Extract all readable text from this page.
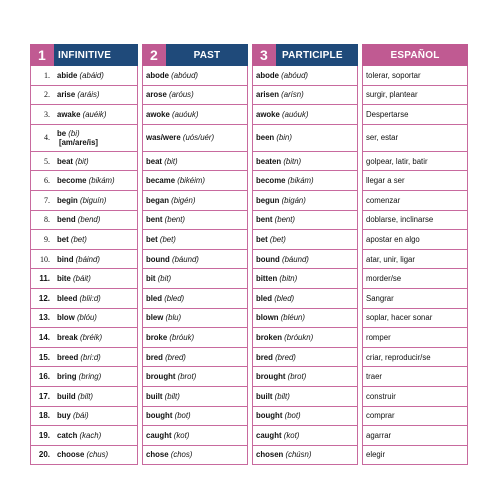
1	INFINITIVE		2 PAST		3 PARTICIPLE		ESPAÑOL
1.	abide (abáid)		abode (abóud)		abode (abóud)		tolerar, soportar
2.	arise (aráis)		arose (aróus)		arisen (arísn)		surgir, plantear
3.	awake (auéik)		awoke (auóuk)		awoke (auóuk)		Despertarse
4.	be (bi)
[am/are/is]		was/were (uós/uér)		been (bin)		ser, estar
5.	beat (bit)		beat (bit)		beaten (bitn)		golpear, latir, batir
6.	become (bikám)		became (bikéim)		become (bikám)		llegar a ser
7.	begin (biguín)		began (bigén)		begun (bigán)		comenzar
8.	bend (bend)		bent (bent)		bent (bent)		doblarse, inclinarse
9.	bet (bet)		bet (bet)		bet (bet)		apostar en algo
10.	bind (báind)		bound (báund)		bound (báund)		atar, unir, ligar
11.	bite (báit)		bit (bit)		bitten (bitn)		morder/se
12.	bleed (blii:d)		bled (bled)		bled (bled)		Sangrar
13.	blow (blóu)		blew (blu)		blown (bléun)		soplar, hacer sonar
14.	break (bréik)		broke (bróuk)		broken (bróukn)		romper
15.	breed (bri:d)		bred (bred)		bred (bred)		criar, reproducir/se
16.	bring (bring)		brought (brot)		brought (brot)		traer
17.	build (bilt)		built (bilt)		built (bilt)		construir
18.	buy (bái)		bought (bot)		bought (bot)		comprar
19.	catch (kach)		caught (kot)		caught (kot)		agarrar
20.	choose (chus)		chose (chos)		chosen (chúsn)		elegir
